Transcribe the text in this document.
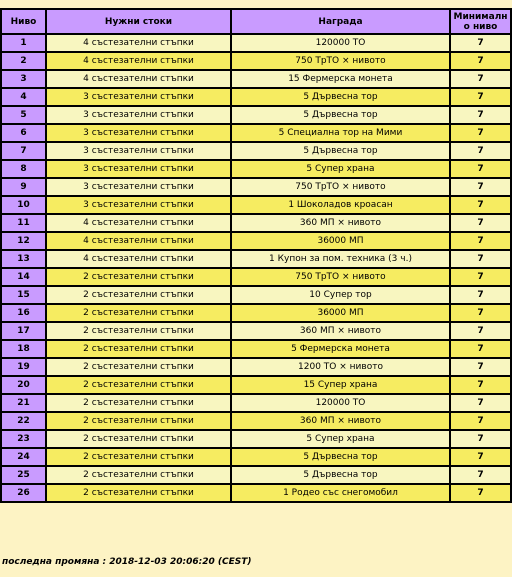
Ниво	Нужни стоки	Награда	Минимално ниво
1	4 състезателни стъпки	120000 ТО	7
2	4 състезателни стъпки	750 ТрТО × нивото	7
3	4 състезателни стъпки	15 Фермерска монета	7
4	3 състезателни стъпки	5 Дървесна тор	7
5	3 състезателни стъпки	5 Дървесна тор	7
6	3 състезателни стъпки	5 Специална тор на Мими	7
7	3 състезателни стъпки	5 Дървесна тор	7
8	3 състезателни стъпки	5 Супер храна	7
9	3 състезателни стъпки	750 ТрТО × нивото	7
10	3 състезателни стъпки	1 Шоколадов кроасан	7
11	4 състезателни стъпки	360 МП × нивото	7
12	4 състезателни стъпки	36000 МП	7
13	4 състезателни стъпки	1 Купон за пом. техника (3 ч.)	7
14	2 състезателни стъпки	750 ТрТО × нивото	7
15	2 състезателни стъпки	10 Супер тор	7
16	2 състезателни стъпки	36000 МП	7
17	2 състезателни стъпки	360 МП × нивото	7
18	2 състезателни стъпки	5 Фермерска монета	7
19	2 състезателни стъпки	1200 ТО × нивото	7
20	2 състезателни стъпки	15 Супер храна	7
21	2 състезателни стъпки	120000 ТО	7
22	2 състезателни стъпки	360 МП × нивото	7
23	2 състезателни стъпки	5 Супер храна	7
24	2 състезателни стъпки	5 Дървесна тор	7
25	2 състезателни стъпки	5 Дървесна тор	7
26	2 състезателни стъпки	1 Родео със снегомобил	7
последна промяна : 2018-12-03 20:06:20 (CEST)
